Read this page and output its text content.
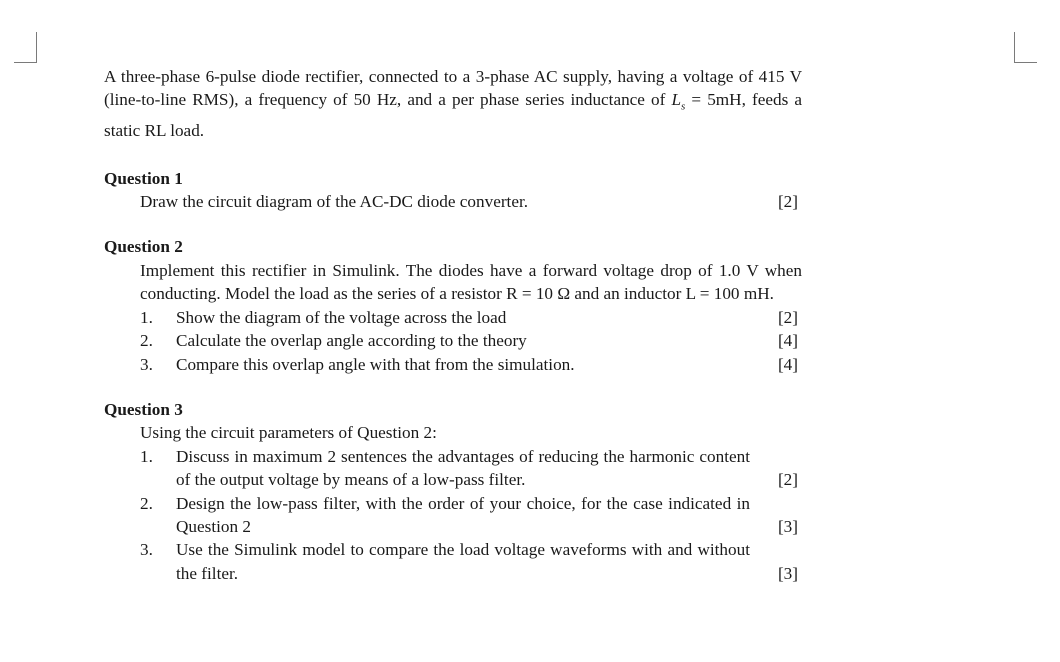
A three-phase 6-pulse diode rectifier, connected to a 3-phase AC supply, having a voltage of 415 V (line-to-line RMS), a frequency of 50 Hz, and a per phase series inductance of $L_s = 5mH$, feeds a static RL load.

Question 1

Draw the circuit diagram of the AC-DC diode converter.	[2]

Question 2

Implement this rectifier in Simulink. The diodes have a forward voltage drop of 1.0 V when conducting. Model the load as the series of a resistor R = 10 Ω and an inductor L = 100 mH.

1.	Show the diagram of the voltage across the load	[2]
2.	Calculate the overlap angle according to the theory	[4]
3.	Compare this overlap angle with that from the simulation.	[4]

Question 3

Using the circuit parameters of Question 2:

1.	Discuss in maximum 2 sentences the advantages of reducing the harmonic content of the output voltage by means of a low-pass filter.	[2]
2.	Design the low-pass filter, with the order of your choice, for the case indicated in Question 2	[3]
3.	Use the Simulink model to compare the load voltage waveforms with and without the filter.	[3]
